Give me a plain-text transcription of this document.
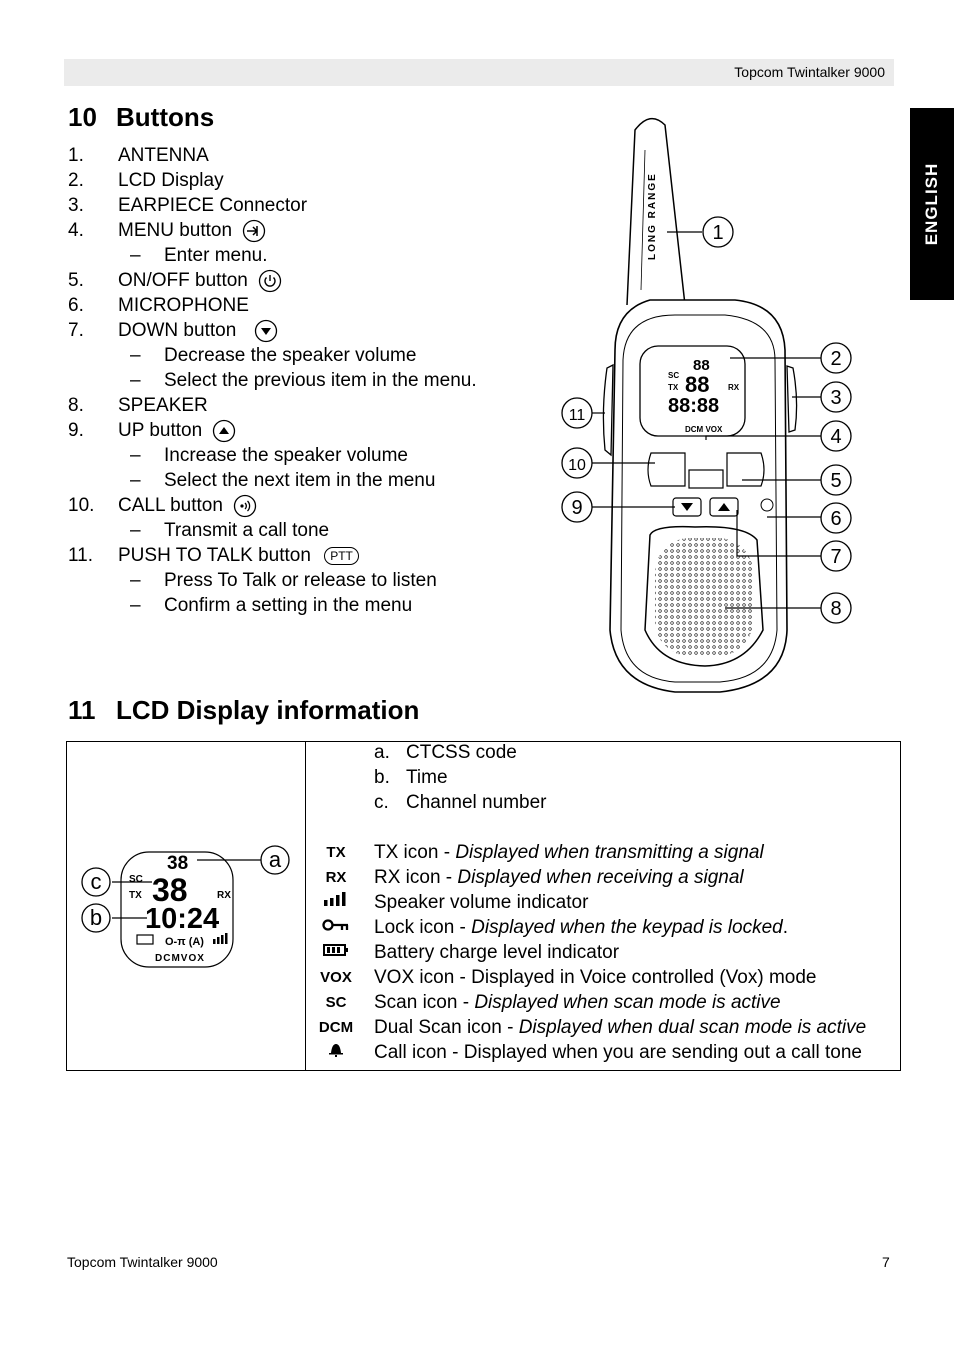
Topcom Twintalker 9000
ENGLISH
10 Buttons
1. ANTENNA
2. LCD Display
3. EARPIECE Connector
4. MENU button
– Enter menu.
5. ON/OFF button
6. MICROPHONE
7. DOWN button
– Decrease the speaker volume
– Select the previous item in the menu.
8. SPEAKER
9. UP button
– Increase the speaker volume
– Select the next item in the menu
10. CALL button
– Transmit a call tone
11. PUSH TO TALK button PTT
– Press To Talk or release to listen
– Confirm a setting in the menu
LONG RANGE
88
SC
TX 88 RX
88:88
DCM VOX
1
2
3
4
5
6
7
8
9
10
11
11 LCD Display information
38
SC
TX 38	RX
10:24
O‑π (A)
DCMVOX
a
c
b

a. CTCSS code
b. Time
c. Channel number
TX	TX icon - Displayed when transmitting a signal
RX	RX icon - Displayed when receiving a signal
Speaker volume indicator
Lock icon - Displayed when the keypad is locked.
Battery charge level indicator
VOX VOX icon - Displayed in Voice controlled (Vox) mode
SC	Scan icon - Displayed when scan mode is active
DCM Dual Scan icon - Displayed when dual scan mode is active
Call icon - Displayed when you are sending out a call tone
Topcom Twintalker 9000	7
